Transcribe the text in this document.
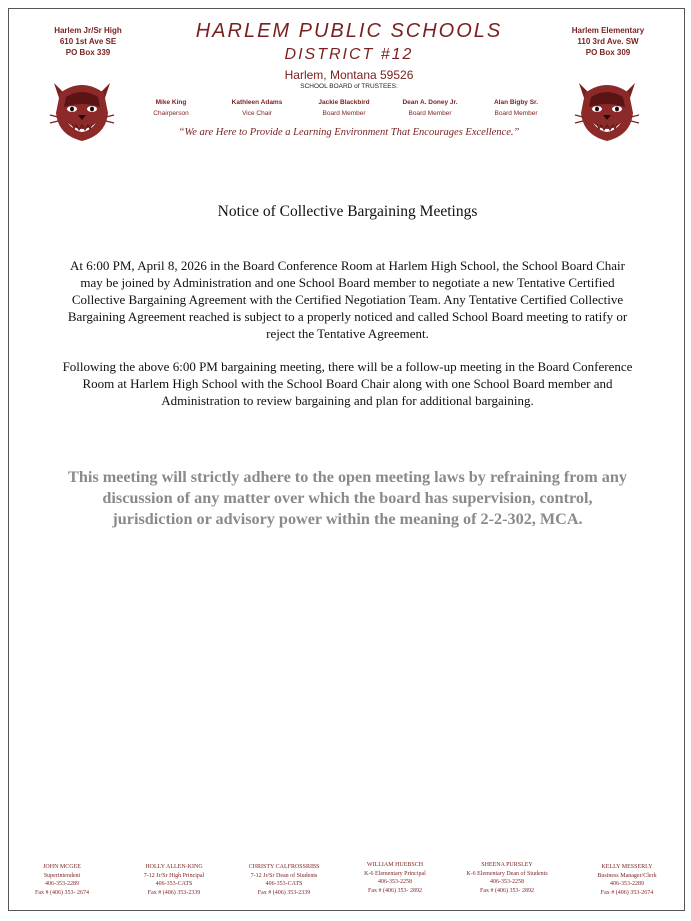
Harlem Jr/Sr High
610 1st Ave SE
PO Box 339
Harlem Elementary
110 3rd Ave. SW
PO Box 309
HARLEM PUBLIC SCHOOLS
DISTRICT #12
Harlem, Montana 59526
SCHOOL BOARD of TRUSTEES:
Mike King
Chairperson
Kathleen Adams
Vice Chair
Jackie Blackbird
Board Member
Dean A. Doney Jr.
Board Member
Alan Bigby Sr.
Board Member
“We are Here to Provide a Learning Environment That Encourages Excellence.”
Notice of Collective Bargaining Meetings
At 6:00 PM, April 8, 2026 in the Board Conference Room at Harlem High School, the School Board Chair may be joined by Administration and one School Board member to negotiate a new Tentative Certified Collective Bargaining Agreement with the Certified Negotiation Team. Any Tentative Certified Collective Bargaining Agreement reached is subject to a properly noticed and called School Board meeting to ratify or reject the Tentative Agreement.
Following the above 6:00 PM bargaining meeting, there will be a follow-up meeting in the Board Conference Room at Harlem High School with the School Board Chair along with one School Board member and Administration to review bargaining and plan for additional bargaining.
This meeting will strictly adhere to the open meeting laws by refraining from any discussion of any matter over which the board has supervision, control, jurisdiction or advisory power within the meaning of 2-2-302, MCA.
JOHN MCGEE
Superintendent
406-353-2289
Fax # (406) 353- 2674
HOLLY ALLEN-KING
7-12 Jr/Sr High Principal
406-353-CATS
Fax # (406) 353-2339
CHRISTY CALFROSSRIBS
7-12 Jr/Sr Dean of Students
406-353-CATS
Fax # (406) 353-2339
WILLIAM HUEBSCH
K-6 Elementary Principal
406-353-2258
Fax # (406) 353- 2892
SHEENA PURSLEY
K-6 Elementary Dean of Students
406-353-2258
Fax # (406) 353- 2892
KELLY MESSERLY
Business Manager/Clerk
406-353-2289
Fax # (406) 353-2674
